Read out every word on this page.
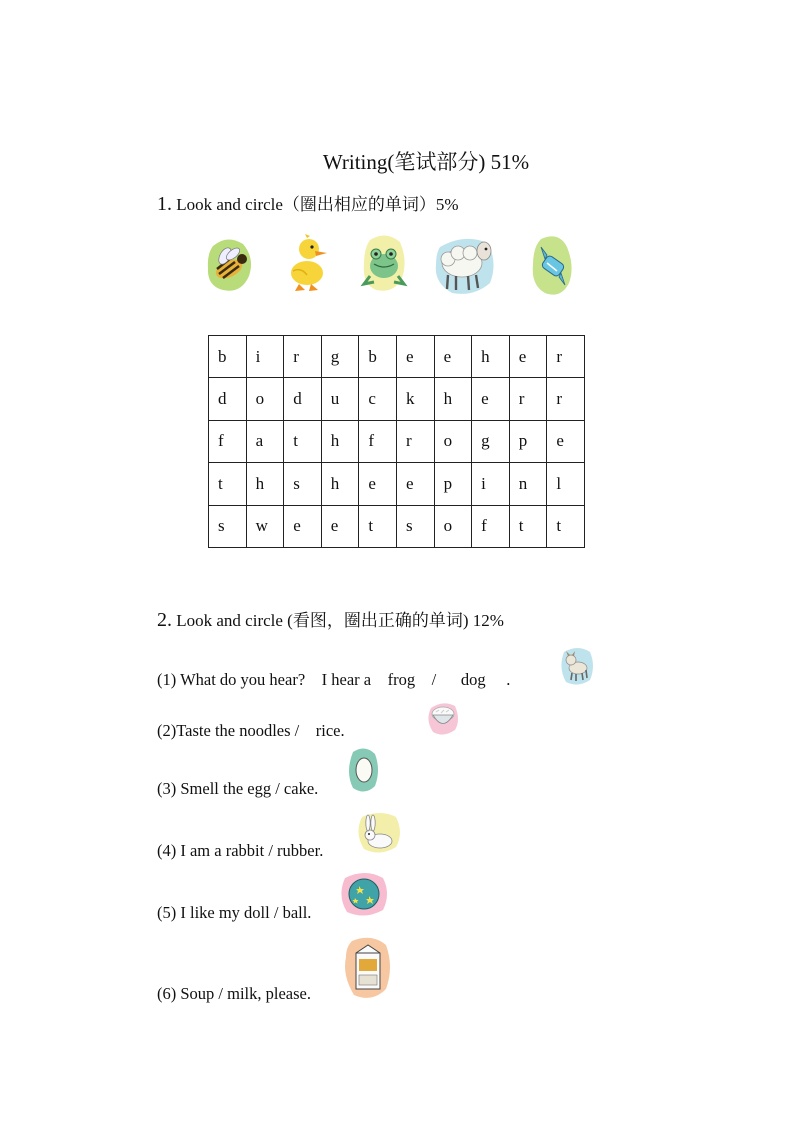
Writing(笔试部分) 51%
1. Look and circle（圈出相应的单词）5%
b	i	r	g	b	e	e	h	e	r
d	o	d	u	c	k	h	e	r	r
f	a	t	h	f	r	o	g	p	e
t	h	s	h	e	e	p	i	n	l
s	w	e	e	t	s	o	f	t	t
2. Look and circle (看图，圈出正确的单词) 12%
(1) What do you hear?    I hear a    frog    /      dog     .
(2)Taste the noodles /    rice.
(3) Smell the egg / cake.
(4) I am a rabbit / rubber.
(5) I like my doll / ball.
(6) Soup / milk, please.
